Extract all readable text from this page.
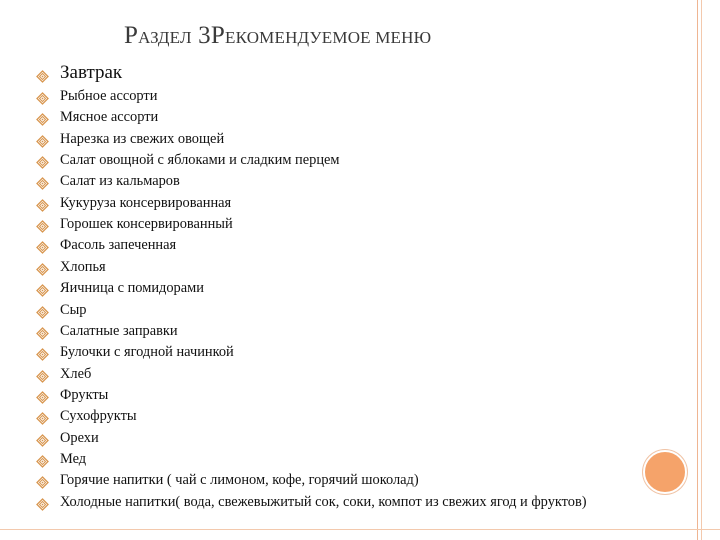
РАЗДЕЛ 3РЕКОМЕНДУЕМОЕ МЕНЮ
Завтрак
Рыбное ассорти
Мясное ассорти
Нарезка из свежих овощей
Салат овощной с яблоками и сладким перцем
Салат из кальмаров
Кукуруза консервированная
Горошек консервированный
Фасоль запеченная
Хлопья
Яичница с помидорами
Сыр
Салатные заправки
Булочки с ягодной начинкой
Хлеб
Фрукты
Сухофрукты
Орехи
Мед
Горячие напитки ( чай с лимоном, кофе, горячий шоколад)
Холодные напитки( вода, свежевыжитый сок, соки, компот из свежих ягод и фруктов)
